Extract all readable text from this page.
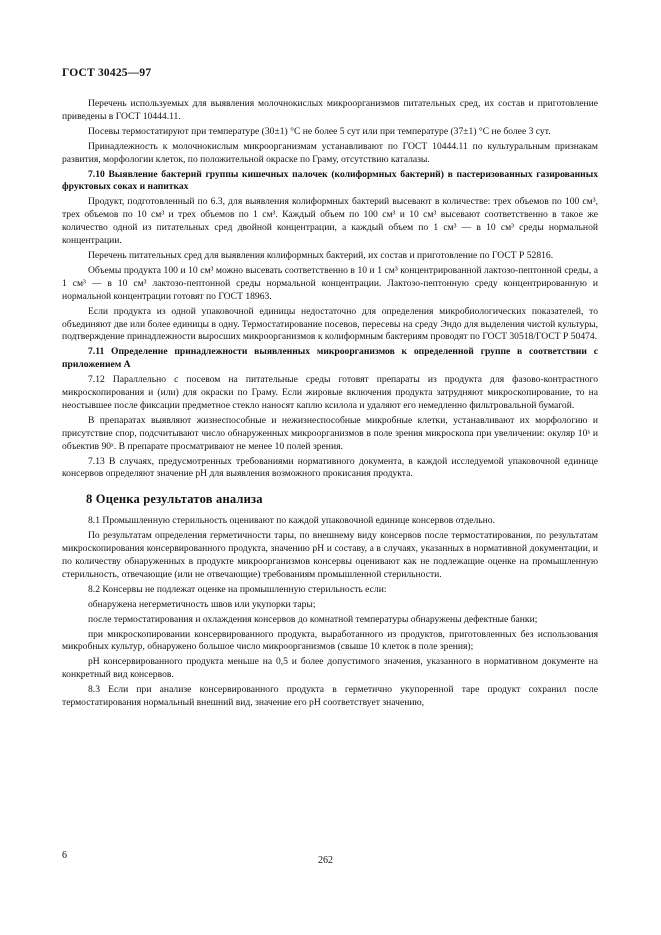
ГОСТ 30425—97

Перечень используемых для выявления молочнокислых микроорганизмов питательных сред, их состав и приготовление приведены в ГОСТ 10444.11.

Посевы термостатируют при температуре (30±1) °С не более 5 сут или при температуре (37±1) °С не более 3 сут.

Принадлежность к молочнокислым микроорганизмам устанавливают по ГОСТ 10444.11 по культуральным признакам развития, морфологии клеток, по положительной окраске по Граму, отсутствию каталазы.

7.10 Выявление бактерий группы кишечных палочек (колиформных бактерий) в пастеризованных газированных фруктовых соках и напитках

Продукт, подготовленный по 6.3, для выявления колиформных бактерий высевают в количестве: трех объемов по 100 см³, трех объемов по 10 см³ и трех объемов по 1 см³. Каждый объем по 100 см³ и 10 см³ высевают соответственно в такое же количество одной из питательных сред двойной концентрации, а каждый объем по 1 см³ — в 10 см³ среды нормальной концентрации.

Перечень питательных сред для выявления колиформных бактерий, их состав и приготовление по ГОСТ Р 52816.

Объемы продукта 100 и 10 см³ можно высевать соответственно в 10 и 1 см³ концентрированной лактозо-пептонной среды, а 1 см³ — в 10 см³ лактозо-пептонной среды нормальной концентрации. Лактозо-пептонную среду концентрированную и нормальной концентрации готовят по ГОСТ 18963.

Если продукта из одной упаковочной единицы недостаточно для определения микробиологических показателей, то объединяют две или более единицы в одну. Термостатирование посевов, пересевы на среду Эндо для выделения чистой культуры, подтверждение принадлежности выросших микроорганизмов к колиформным бактериям проводят по ГОСТ 30518/ГОСТ Р 50474.

7.11 Определение принадлежности выявленных микроорганизмов к определенной группе в соответствии с приложением А

7.12 Параллельно с посевом на питательные среды готовят препараты из продукта для фазово-контрастного микроскопирования и (или) для окраски по Граму. Если жировые включения продукта затрудняют микроскопирование, то на неостывшее после фиксации предметное стекло наносят каплю ксилола и удаляют его немедленно фильтровальной бумагой.

В препаратах выявляют жизнеспособные и нежизнеспособные микробные клетки, устанавливают их морфологию и присутствие спор, подсчитывают число обнаруженных микроорганизмов в поле зрения микроскопа при увеличении: окуляр 10ˣ и объектив 90ˣ. В препарате просматривают не менее 10 полей зрения.

7.13 В случаях, предусмотренных требованиями нормативного документа, в каждой исследуемой упаковочной единице консервов определяют значение pH для выявления возможного прокисания продукта.

8 Оценка результатов анализа

8.1 Промышленную стерильность оценивают по каждой упаковочной единице консервов отдельно.

По результатам определения герметичности тары, по внешнему виду консервов после термостатирования, по результатам микроскопирования консервированного продукта, значению pH и составу, а в случаях, указанных в нормативной документации, и по количеству обнаруженных в продукте микроорганизмов консервы оценивают как не подлежащие оценке на промышленную стерильность, отвечающие (или не отвечающие) требованиям промышленной стерильности.

8.2 Консервы не подлежат оценке на промышленную стерильность если:

обнаружена негерметичность швов или укупорки тары;

после термостатирования и охлаждения консервов до комнатной температуры обнаружены дефектные банки;

при микроскопировании консервированного продукта, выработанного из продуктов, приготовленных без использования микробных культур, обнаружено большое число микроорганизмов (свыше 10 клеток в поле зрения);

pH консервированного продукта меньше на 0,5 и более допустимого значения, указанного в нормативном документе на конкретный вид консервов.

8.3 Если при анализе консервированного продукта в герметично укупоренной таре продукт сохранил после термостатирования нормальный внешний вид, значение его pH соответствует значению,

6	262
